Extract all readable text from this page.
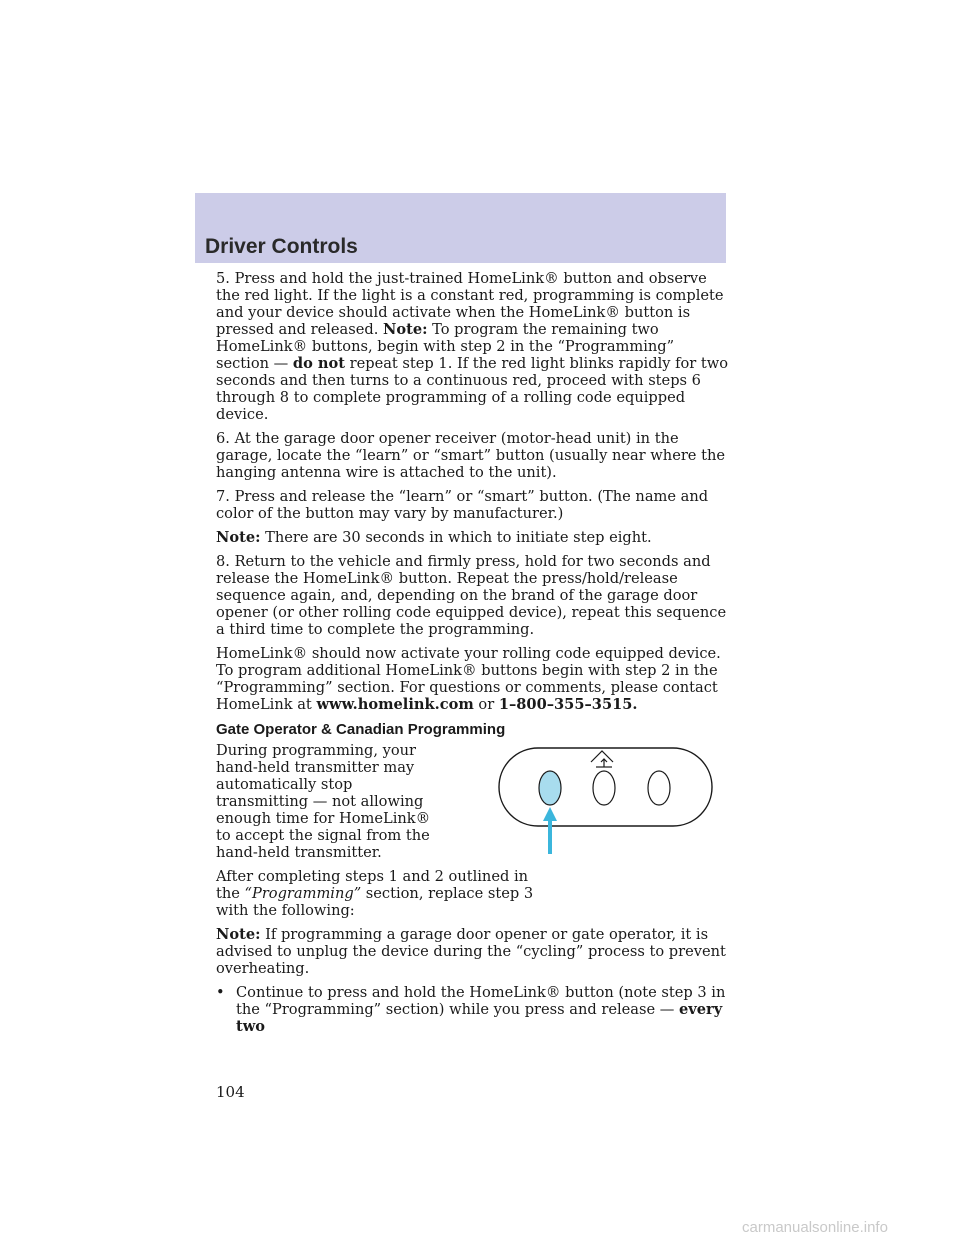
Driver Controls

5. Press and hold the just-trained HomeLink® button and observe the red light. If the light is a constant red, programming is complete and your device should activate when the HomeLink® button is pressed and released. Note: To program the remaining two HomeLink® buttons, begin with step 2 in the “Programming” section — do not repeat step 1. If the red light blinks rapidly for two seconds and then turns to a continuous red, proceed with steps 6 through 8 to complete programming of a rolling code equipped device.

6. At the garage door opener receiver (motor-head unit) in the garage, locate the “learn” or “smart” button (usually near where the hanging antenna wire is attached to the unit).

7. Press and release the “learn” or “smart” button. (The name and color of the button may vary by manufacturer.)

Note: There are 30 seconds in which to initiate step eight.

8. Return to the vehicle and firmly press, hold for two seconds and release the HomeLink® button. Repeat the press/hold/release sequence again, and, depending on the brand of the garage door opener (or other rolling code equipped device), repeat this sequence a third time to complete the programming.

HomeLink® should now activate your rolling code equipped device. To program additional HomeLink® buttons begin with step 2 in the “Programming” section. For questions or comments, please contact HomeLink at www.homelink.com or 1–800–355–3515.

Gate Operator & Canadian Programming

During programming, your hand-held transmitter may automatically stop transmitting — not allowing enough time for HomeLink® to accept the signal from the hand-held transmitter.

After completing steps 1 and 2 outlined in the “Programming” section, replace step 3 with the following:

Note: If programming a garage door opener or gate operator, it is advised to unplug the device during the “cycling” process to prevent overheating.

• Continue to press and hold the HomeLink® button (note step 3 in the “Programming” section) while you press and release — every two
104
carmanualsonline.info
